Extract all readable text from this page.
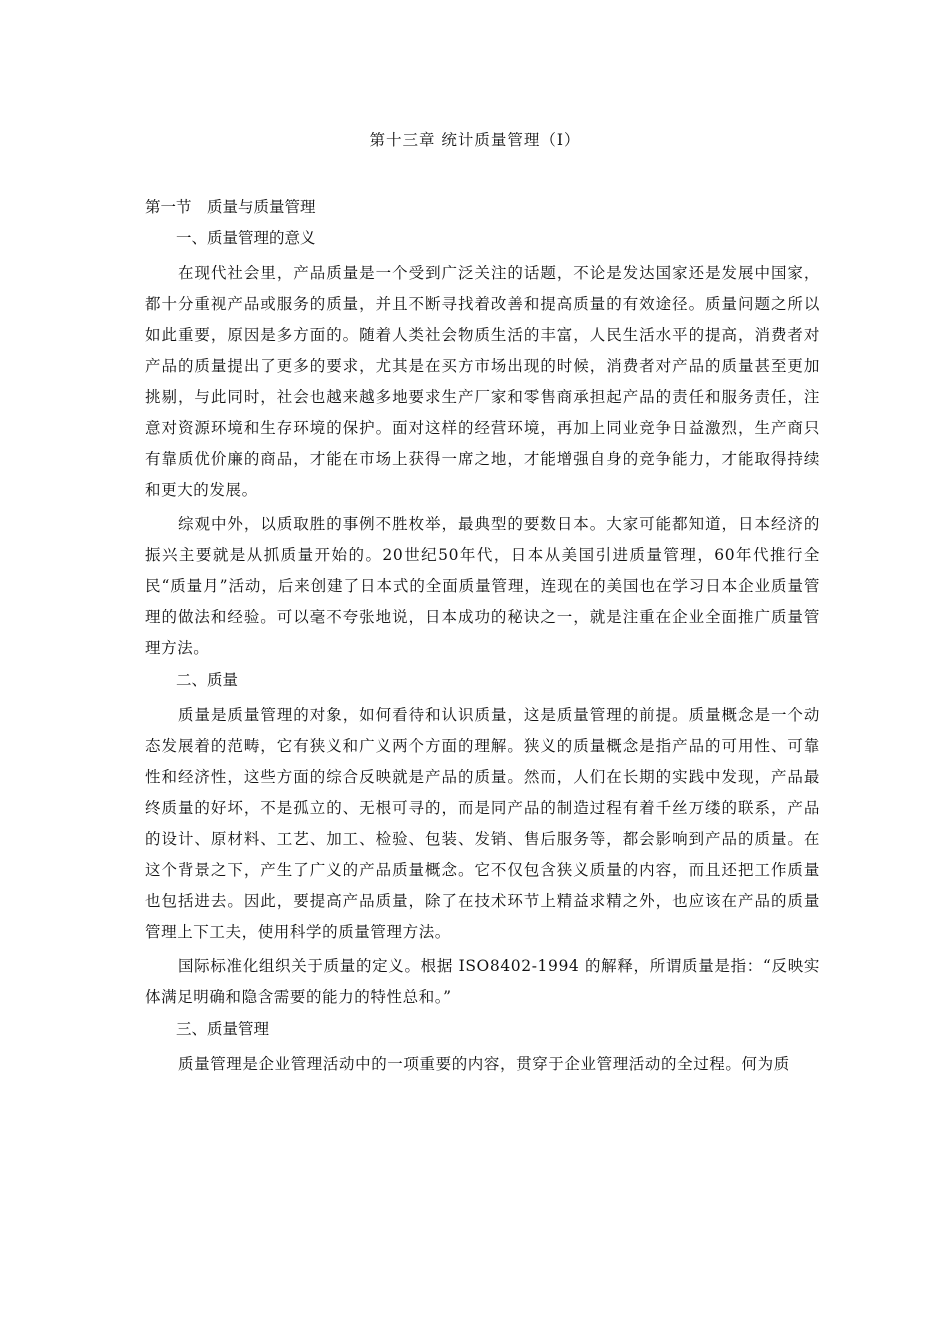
第十三章 统计质量管理（I）
第一节　质量与质量管理
一、质量管理的意义

在现代社会里，产品质量是一个受到广泛关注的话题，不论是发达国家还是发展中国家，都十分重视产品或服务的质量，并且不断寻找着改善和提高质量的有效途径。质量问题之所以如此重要，原因是多方面的。随着人类社会物质生活的丰富，人民生活水平的提高，消费者对产品的质量提出了更多的要求，尤其是在买方市场出现的时候，消费者对产品的质量甚至更加挑剔，与此同时，社会也越来越多地要求生产厂家和零售商承担起产品的责任和服务责任，注意对资源环境和生存环境的保护。面对这样的经营环境，再加上同业竞争日益激烈，生产商只有靠质优价廉的商品，才能在市场上获得一席之地，才能增强自身的竞争能力，才能取得持续和更大的发展。

综观中外，以质取胜的事例不胜枚举，最典型的要数日本。大家可能都知道，日本经济的振兴主要就是从抓质量开始的。20世纪50年代，日本从美国引进质量管理，60年代推行全民“质量月”活动，后来创建了日本式的全面质量管理，连现在的美国也在学习日本企业质量管理的做法和经验。可以毫不夸张地说，日本成功的秘诀之一，就是注重在企业全面推广质量管理方法。

二、质量

质量是质量管理的对象，如何看待和认识质量，这是质量管理的前提。质量概念是一个动态发展着的范畴，它有狭义和广义两个方面的理解。狭义的质量概念是指产品的可用性、可靠性和经济性，这些方面的综合反映就是产品的质量。然而，人们在长期的实践中发现，产品最终质量的好坏，不是孤立的、无根可寻的，而是同产品的制造过程有着千丝万缕的联系，产品的设计、原材料、工艺、加工、检验、包装、发销、售后服务等，都会影响到产品的质量。在这个背景之下，产生了广义的产品质量概念。它不仅包含狭义质量的内容，而且还把工作质量也包括进去。因此，要提高产品质量，除了在技术环节上精益求精之外，也应该在产品的质量管理上下工夫，使用科学的质量管理方法。

国际标准化组织关于质量的定义。根据 ISO8402-1994 的解释，所谓质量是指：“反映实体满足明确和隐含需要的能力的特性总和。”

三、质量管理

质量管理是企业管理活动中的一项重要的内容，贯穿于企业管理活动的全过程。何为质
